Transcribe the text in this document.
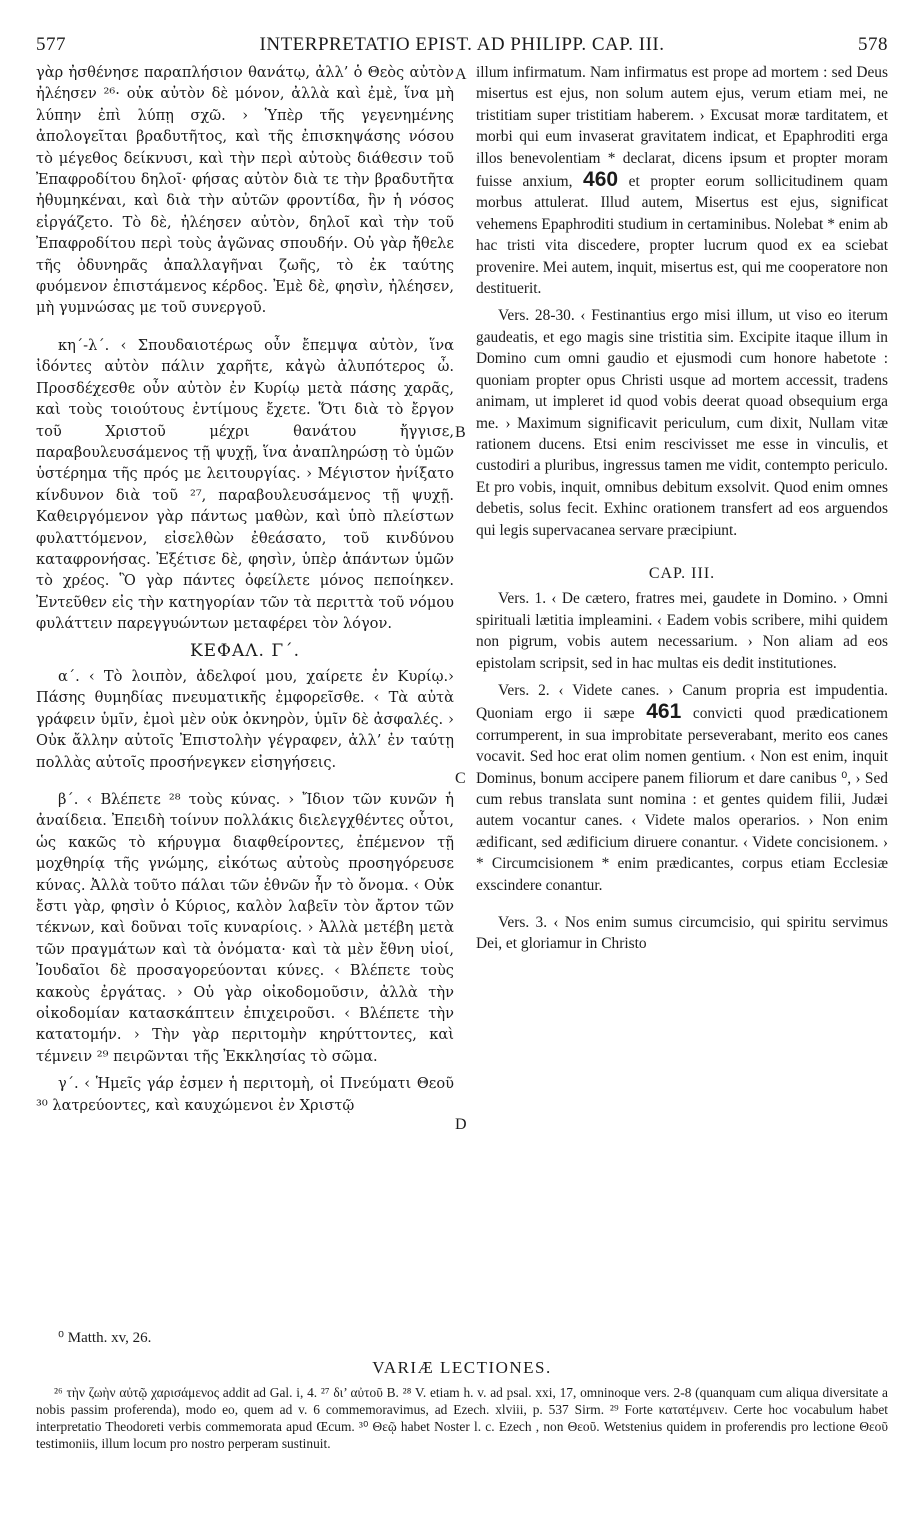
577	INTERPRETATIO EPIST. AD PHILIPP. CAP. III.	578
A
B
C
D

γὰρ ἠσθένησε παραπλήσιον θανάτῳ, ἀλλ’ ὁ Θεὸς αὐτὸν ἠλέησεν ²⁶· οὐκ αὐτὸν δὲ μόνον, ἀλλὰ καὶ ἐμὲ, ἵνα μὴ λύπην ἐπὶ λύπῃ σχῶ. › Ὑπὲρ τῆς γεγενημένης ἀπολογεῖται βραδυτῆτος, καὶ τῆς ἐπισκηψάσης νόσου τὸ μέγεθος δείκνυσι, καὶ τὴν περὶ αὐτοὺς διάθεσιν τοῦ Ἐπαφροδίτου δηλοῖ· φήσας αὐτὸν διὰ τε τὴν βραδυτῆτα ἠθυμηκέναι, καὶ διὰ τὴν αὐτῶν φροντίδα, ἣν ἡ νόσος εἰργάζετο. Τὸ δὲ, ἠλέησεν αὐτὸν, δηλοῖ καὶ τὴν τοῦ Ἐπαφροδίτου περὶ τοὺς ἀγῶνας σπουδήν. Οὐ γὰρ ἤθελε τῆς ὀδυνηρᾶς ἀπαλλαγῆναι ζωῆς, τὸ ἐκ ταύτης φυόμενον ἐπιστάμενος κέρδος. Ἐμὲ δὲ, φησὶν, ἠλέησεν, μὴ γυμνώσας με τοῦ συνεργοῦ.

κη΄-λ΄. ‹ Σπουδαιοτέρως οὖν ἔπεμψα αὐτὸν, ἵνα ἰδόντες αὐτὸν πάλιν χαρῆτε, κἀγὼ ἀλυπότερος ὦ. Προσδέχεσθε οὖν αὐτὸν ἐν Κυρίῳ μετὰ πάσης χαρᾶς, καὶ τοὺς τοιούτους ἐντίμους ἔχετε. Ὅτι διὰ τὸ ἔργον τοῦ Χριστοῦ μέχρι θανάτου ἤγγισε, παραβουλευσάμενος τῇ ψυχῇ, ἵνα ἀναπληρώσῃ τὸ ὑμῶν ὑστέρημα τῆς πρός με λειτουργίας. › Μέγιστον ἠνίξατο κίνδυνον διὰ τοῦ ²⁷, παραβουλευσάμενος τῇ ψυχῇ. Καθειργόμενον γὰρ πάντως μαθὼν, καὶ ὑπὸ πλείστων φυλαττόμενον, εἰσελθὼν ἐθεάσατο, τοῦ κινδύνου καταφρονήσας. Ἐξέτισε δὲ, φησὶν, ὑπὲρ ἁπάντων ὑμῶν τὸ χρέος. Ὃ γὰρ πάντες ὀφείλετε μόνος πεποίηκεν. Ἐντεῦθεν εἰς τὴν κατηγορίαν τῶν τὰ περιττὰ τοῦ νόμου φυλάττειν παρεγγυώντων μεταφέρει τὸν λόγον.

ΚΕΦΑΛ. Γ΄.

α΄. ‹ Τὸ λοιπὸν, ἀδελφοί μου, χαίρετε ἐν Κυρίῳ.› Πάσης θυμηδίας πνευματικῆς ἐμφορεῖσθε. ‹ Τὰ αὐτὰ γράφειν ὑμῖν, ἐμοὶ μὲν οὐκ ὀκνηρὸν, ὑμῖν δὲ ἀσφαλές. › Οὐκ ἄλλην αὐτοῖς Ἐπιστολὴν γέγραφεν, ἀλλ’ ἐν ταύτῃ πολλὰς αὐτοῖς προσήνεγκεν εἰσηγήσεις.

β΄. ‹ Βλέπετε ²⁸ τοὺς κύνας. › Ἴδιον τῶν κυνῶν ἡ ἀναίδεια. Ἐπειδὴ τοίνυν πολλάκις διελεγχθέντες οὗτοι, ὡς κακῶς τὸ κήρυγμα διαφθείροντες, ἐπέμενον τῇ μοχθηρίᾳ τῆς γνώμης, εἰκότως αὐτοὺς προσηγόρευσε κύνας. Ἀλλὰ τοῦτο πάλαι τῶν ἐθνῶν ἦν τὸ ὄνομα. ‹ Οὐκ ἔστι γὰρ, φησὶν ὁ Κύριος, καλὸν λαβεῖν τὸν ἄρτον τῶν τέκνων, καὶ δοῦναι τοῖς κυναρίοις. › Ἀλλὰ μετέβη μετὰ τῶν πραγμάτων καὶ τὰ ὀνόματα· καὶ τὰ μὲν ἔθνη υἱοί, Ἰουδαῖοι δὲ προσαγορεύονται κύνες. ‹ Βλέπετε τοὺς κακοὺς ἐργάτας. › Οὐ γὰρ οἰκοδομοῦσιν, ἀλλὰ τὴν οἰκοδομίαν κατασκάπτειν ἐπιχειροῦσι. ‹ Βλέπετε τὴν κατατομήν. › Τὴν γὰρ περιτομὴν κηρύττοντες, καὶ τέμνειν ²⁹ πειρῶνται τῆς Ἐκκλησίας τὸ σῶμα.

γ΄. ‹ Ἡμεῖς γάρ ἐσμεν ἡ περιτομὴ, οἱ Πνεύματι Θεοῦ ³⁰ λατρεύοντες, καὶ καυχώμενοι ἐν Χριστῷ

illum infirmatum. Nam infirmatus est prope ad mortem : sed Deus misertus est ejus, non solum autem ejus, verum etiam mei, ne tristitiam super tristitiam haberem. › Excusat moræ tarditatem, et morbi qui eum invaserat gravitatem indicat, et Epaphroditi erga illos benevolentiam * declarat, dicens ipsum et propter moram fuisse anxium, 460 et propter eorum sollicitudinem quam morbus attulerat. Illud autem, Misertus est ejus, significat vehemens Epaphroditi studium in certaminibus. Nolebat * enim ab hac tristi vita discedere, propter lucrum quod ex ea sciebat provenire. Mei autem, inquit, misertus est, qui me cooperatore non destituerit.

Vers. 28-30. ‹ Festinantius ergo misi illum, ut viso eo iterum gaudeatis, et ego magis sine tristitia sim. Excipite itaque illum in Domino cum omni gaudio et ejusmodi cum honore habetote : quoniam propter opus Christi usque ad mortem accessit, tradens animam, ut impleret id quod vobis deerat quoad obsequium erga me. › Maximum significavit periculum, cum dixit, Nullam vitæ rationem ducens. Etsi enim rescivisset me esse in vinculis, et custodiri a pluribus, ingressus tamen me vidit, contempto periculo. Et pro vobis, inquit, omnibus debitum exsolvit. Quod enim omnes debetis, solus fecit. Exhinc orationem transfert ad eos arguendos qui legis supervacanea servare præcipiunt.

CAP. III.

Vers. 1. ‹ De cætero, fratres mei, gaudete in Domino. › Omni spirituali lætitia impleamini. ‹ Eadem vobis scribere, mihi quidem non pigrum, vobis autem necessarium. › Non aliam ad eos epistolam scripsit, sed in hac multas eis dedit institutiones.

Vers. 2. ‹ Videte canes. › Canum propria est impudentia. Quoniam ergo ii sæpe 461 convicti quod prædicationem corrumperent, in sua improbitate perseverabant, merito eos canes vocavit. Sed hoc erat olim nomen gentium. ‹ Non est enim, inquit Dominus, bonum accipere panem filiorum et dare canibus ⁰, › Sed cum rebus translata sunt nomina : et gentes quidem filii, Judæi autem vocantur canes. ‹ Videte malos operarios. › Non enim ædificant, sed ædificium diruere conantur. ‹ Videte concisionem. › * Circumcisionem * enim prædicantes, corpus etiam Ecclesiæ exscindere conantur.

Vers. 3. ‹ Nos enim sumus circumcisio, qui spiritu servimus Dei, et gloriamur in Christo

⁰ Matth. xv, 26.
VARIÆ LECTIONES.
²⁶ τὴν ζωὴν αὐτῷ χαρισάμενος addit ad Gal. i, 4. ²⁷ δι’ αὐτοῦ B. ²⁸ V. etiam h. v. ad psal. xxi, 17, omninoque vers. 2-8 (quanquam cum aliqua diversitate a nobis passim proferenda), modo eo, quem ad v. 6 commemoravimus, ad Ezech. xlviii, p. 537 Sirm. ²⁹ Forte κατατέμνειν. Certe hoc vocabulum habet interpretatio Theodoreti verbis commemorata apud Œcum. ³⁰ Θεῷ habet Noster l. c. Ezech , non Θεοῦ. Wetstenius quidem in proferendis pro lectione Θεοῦ testimoniis, illum locum pro nostro perperam sustinuit.
